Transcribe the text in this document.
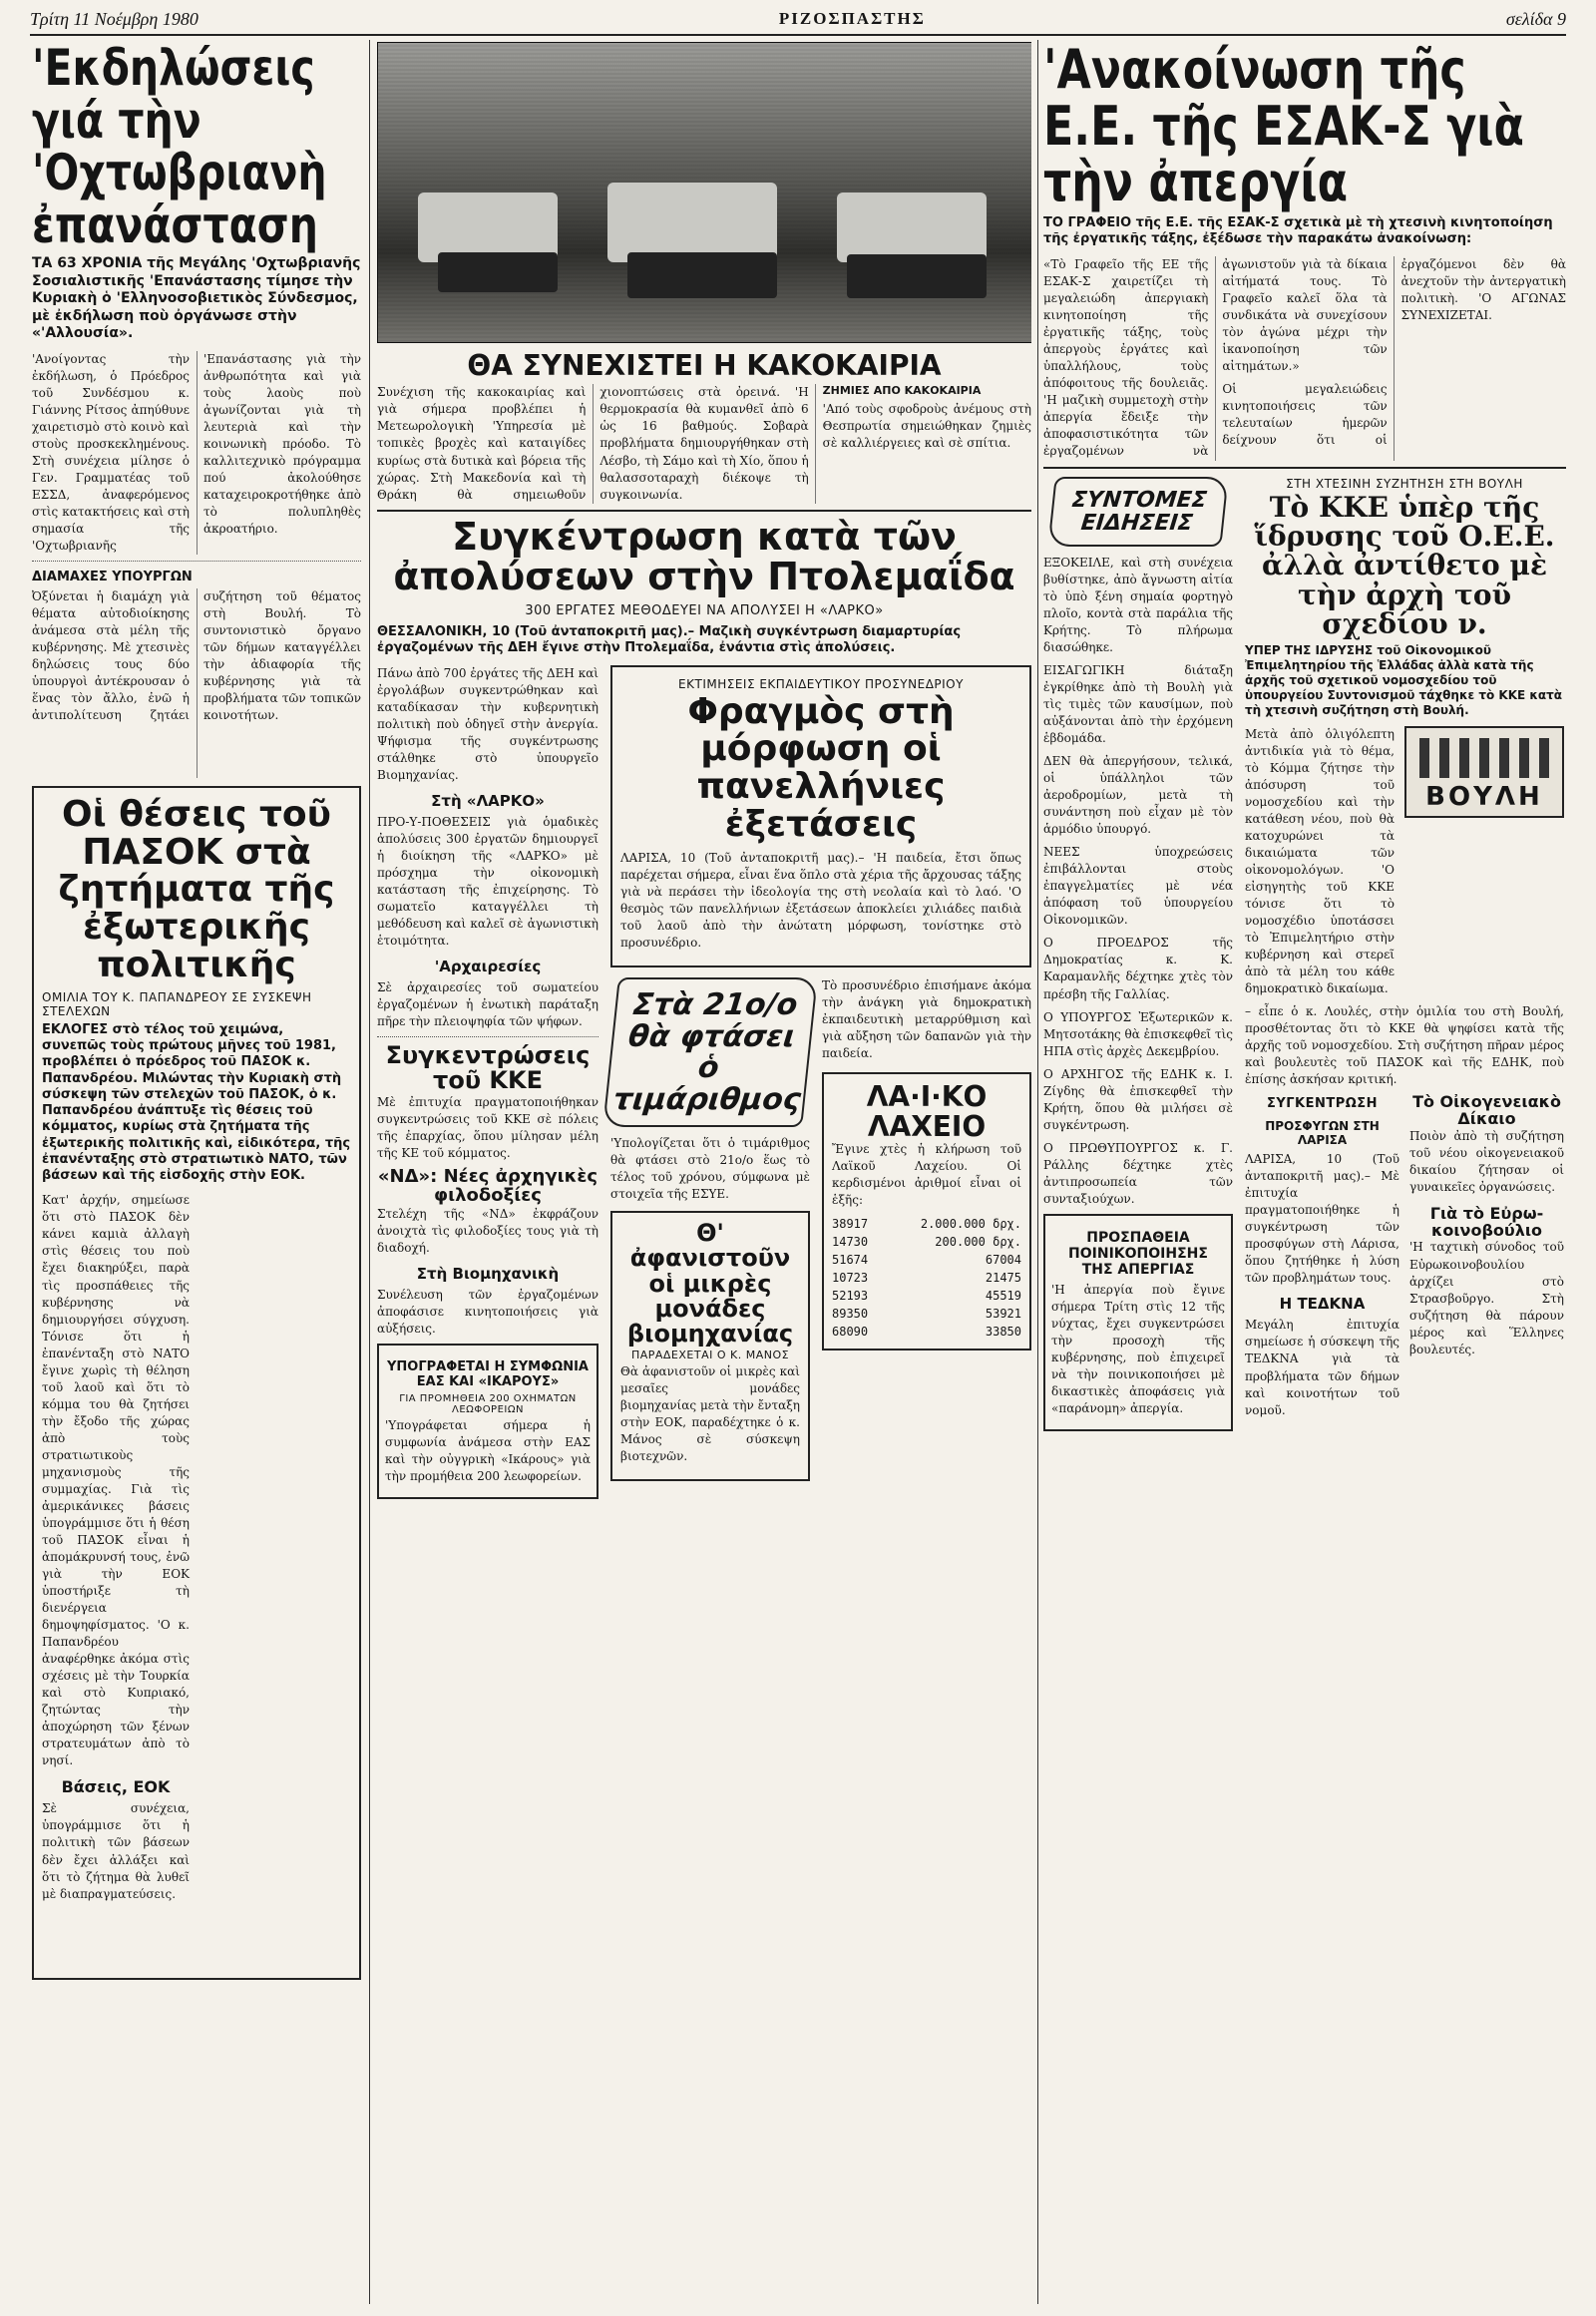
Τρίτη 11 Νοέμβρη 1980	ΡΙΖΟΣΠΑΣΤΗΣ	σελίδα 9
'Εκδηλώσεις γιά τὴν 'Οχτωβριανὴ ἐπανάσταση

ΤΑ 63 ΧΡΟΝΙΑ τῆς Μεγάλης 'Οχτωβριανῆς Σοσιαλιστικῆς 'Επανάστασης τίμησε τὴν Κυριακὴ ὁ 'Ελληνοσοβιετικὸς Σύνδεσμος, μὲ ἐκδήλωση ποὺ ὀργάνωσε στὴν «'Αλλουσία».

'Ανοίγοντας τὴν ἐκδήλωση, ὁ Πρόεδρος τοῦ Συνδέσμου κ. Γιάννης Ρίτσος ἀπηύθυνε χαιρετισμὸ στὸ κοινὸ καὶ στοὺς προσκεκλημένους. Στὴ συνέχεια μίλησε ὁ Γεν. Γραμματέας τοῦ ΕΣΣΔ, ἀναφερόμενος στὶς κατακτήσεις καὶ στὴ σημασία τῆς 'Οχτωβριανῆς 'Επανάστασης γιὰ τὴν ἀνθρωπότητα καὶ γιὰ τοὺς λαοὺς ποὺ ἀγωνίζονται γιὰ τὴ λευτεριὰ καὶ τὴν κοινωνικὴ πρόοδο. Τὸ καλλιτεχνικὸ πρόγραμμα πού ἀκολούθησε καταχειροκροτήθηκε ἀπὸ τὸ πολυπληθὲς ἀκροατήριο.

ΔΙΑΜΑΧΕΣ ΥΠΟΥΡΓΩΝ

Ὀξύνεται ἡ διαμάχη γιὰ θέματα αὐτοδιοίκησης ἀνάμεσα στὰ μέλη τῆς κυβέρνησης. Μὲ χτεσινὲς δηλώσεις τους δύο ὑπουργοὶ ἀντέκρουσαν ὁ ἕνας τὸν ἄλλο, ἐνῶ ἡ ἀντιπολίτευση ζητάει συζήτηση τοῦ θέματος στὴ Βουλή. Τὸ συντονιστικὸ ὄργανο τῶν δήμων καταγγέλλει τὴν ἀδιαφορία τῆς κυβέρνησης γιὰ τὰ προβλήματα τῶν τοπικῶν κοινοτήτων.

Οἱ θέσεις τοῦ ΠΑΣΟΚ στὰ ζητήματα τῆς ἐξωτερικῆς πολιτικῆς
ΟΜΙΛΙΑ ΤΟΥ Κ. ΠΑΠΑΝΔΡΕΟΥ ΣΕ ΣΥΣΚΕΨΗ ΣΤΕΛΕΧΩΝ

ΕΚΛΟΓΕΣ στὸ τέλος τοῦ χειμώνα, συνεπῶς τοὺς πρώτους μῆνες τοῦ 1981, προβλέπει ὁ πρόεδρος τοῦ ΠΑΣΟΚ κ. Παπανδρέου. Μιλώντας τὴν Κυριακὴ στὴ σύσκεψη τῶν στελεχῶν τοῦ ΠΑΣΟΚ, ὁ κ. Παπανδρέου ἀνάπτυξε τὶς θέσεις τοῦ κόμματος, κυρίως στὰ ζητήματα τῆς ἐξωτερικῆς πολιτικῆς καὶ, εἰδικότερα, τῆς ἐπανένταξης στὸ στρατιωτικὸ ΝΑΤΟ, τῶν βάσεων καὶ τῆς εἰσδοχῆς στὴν ΕΟΚ.

Κατ' ἀρχήν, σημείωσε ὅτι στὸ ΠΑΣΟΚ δὲν κάνει καμιὰ ἀλλαγὴ στὶς θέσεις του ποὺ ἔχει διακηρύξει, παρὰ τὶς προσπάθειες τῆς κυβέρνησης νὰ δημιουργήσει σύγχυση. Τόνισε ὅτι ἡ ἐπανένταξη στὸ ΝΑΤΟ ἔγινε χωρὶς τὴ θέληση τοῦ λαοῦ καὶ ὅτι τὸ κόμμα του θὰ ζητήσει τὴν ἔξοδο τῆς χώρας ἀπὸ τοὺς στρατιωτικοὺς μηχανισμοὺς τῆς συμμαχίας. Γιὰ τὶς ἀμερικάνικες βάσεις ὑπογράμμισε ὅτι ἡ θέση τοῦ ΠΑΣΟΚ εἶναι ἡ ἀπομάκρυνσή τους, ἐνῶ γιὰ τὴν ΕΟΚ ὑποστήριξε τὴ διενέργεια δημοψηφίσματος. 'Ο κ. Παπανδρέου ἀναφέρθηκε ἀκόμα στὶς σχέσεις μὲ τὴν Τουρκία καὶ στὸ Κυπριακό, ζητώντας τὴν ἀποχώρηση τῶν ξένων στρατευμάτων ἀπὸ τὸ νησί.

Βάσεις, ΕΟΚ

Σὲ συνέχεια, ὑπογράμμισε ὅτι ἡ πολιτικὴ τῶν βάσεων δὲν ἔχει ἀλλάξει καὶ ὅτι τὸ ζήτημα θὰ λυθεῖ μὲ διαπραγματεύσεις.

ΘΑ ΣΥΝΕΧΙΣΤΕΙ Η ΚΑΚΟΚΑΙΡΙΑ

Συνέχιση τῆς κακοκαιρίας καὶ γιὰ σήμερα προβλέπει ἡ Μετεωρολογικὴ 'Υπηρεσία μὲ τοπικὲς βροχὲς καὶ καταιγίδες κυρίως στὰ δυτικὰ καὶ βόρεια τῆς χώρας. Στὴ Μακεδονία καὶ τὴ Θράκη θὰ σημειωθοῦν χιονοπτώσεις στὰ ὀρεινά. 'Η θερμοκρασία θὰ κυμανθεῖ ἀπὸ 6 ὡς 16 βαθμούς. Σοβαρὰ προβλήματα δημιουργήθηκαν στὴ Λέσβο, τὴ Σάμο καὶ τὴ Χίο, ὅπου ἡ θαλασσοταραχὴ διέκοψε τὴ συγκοινωνία.

ΖΗΜΙΕΣ ΑΠΟ ΚΑΚΟΚΑΙΡΙΑ

'Από τοὺς σφοδροὺς ἀνέμους στὴ Θεσπρωτία σημειώθηκαν ζημιὲς σὲ καλλιέργειες καὶ σὲ σπίτια.

Συγκέντρωση κατὰ τῶν ἀπολύσεων στὴν Πτολεμαΐδα
300 ΕΡΓΑΤΕΣ ΜΕΘΟΔΕΥΕΙ ΝΑ ΑΠΟΛΥΣΕΙ Η «ΛΑΡΚΟ»

ΘΕΣΣΑΛΟΝΙΚΗ, 10 (Τοῦ ἀνταποκριτῆ μας).– Μαζικὴ συγκέντρωση διαμαρτυρίας ἐργαζομένων τῆς ΔΕΗ ἔγινε στὴν Πτολεμαΐδα, ἐνάντια στὶς ἀπολύσεις.

Πάνω ἀπὸ 700 ἐργάτες τῆς ΔΕΗ καὶ ἐργολάβων συγκεντρώθηκαν καὶ καταδίκασαν τὴν κυβερνητικὴ πολιτικὴ ποὺ ὁδηγεῖ στὴν ἀνεργία. Ψήφισμα τῆς συγκέντρωσης στάλθηκε στὸ ὑπουργεῖο Βιομηχανίας.

Στὴ «ΛΑΡΚΟ»

ΠΡΟ-Υ-ΠΟΘΕΣΕΙΣ γιὰ ὁμαδικὲς ἀπολύσεις 300 ἐργατῶν δημιουργεῖ ἡ διοίκηση τῆς «ΛΑΡΚΟ» μὲ πρόσχημα τὴν οἰκονομικὴ κατάσταση τῆς ἐπιχείρησης. Τὸ σωματεῖο καταγγέλλει τὴ μεθόδευση καὶ καλεῖ σὲ ἀγωνιστικὴ ἑτοιμότητα.

'Αρχαιρεσίες

Σὲ ἀρχαιρεσίες τοῦ σωματείου ἐργαζομένων ἡ ἐνωτικὴ παράταξη πῆρε τὴν πλειοψηφία τῶν ψήφων.

Συγκεντρώσεις τοῦ ΚΚΕ

Μὲ ἐπιτυχία πραγματοποιήθηκαν συγκεντρώσεις τοῦ ΚΚΕ σὲ πόλεις τῆς ἐπαρχίας, ὅπου μίλησαν μέλη τῆς ΚΕ τοῦ κόμματος.

«ΝΔ»: Νέες ἀρχηγικὲς φιλοδοξίες

Στελέχη τῆς «ΝΔ» ἐκφράζουν ἀνοιχτὰ τὶς φιλοδοξίες τους γιὰ τὴ διαδοχή.

Στὴ Βιομηχανικὴ

Συνέλευση τῶν ἐργαζομένων ἀποφάσισε κινητοποιήσεις γιὰ αὐξήσεις.

ΥΠΟΓΡΑΦΕΤΑΙ Η ΣΥΜΦΩΝΙΑ ΕΑΣ ΚΑΙ «ΙΚΑΡΟΥΣ»
ΓΙΑ ΠΡΟΜΗΘΕΙΑ 200 ΟΧΗΜΑΤΩΝ ΛΕΩΦΟΡΕΙΩΝ

'Υπογράφεται σήμερα ἡ συμφωνία ἀνάμεσα στὴν ΕΑΣ καὶ τὴν οὐγγρικὴ «Ικάρους» γιὰ τὴν προμήθεια 200 λεωφορείων.

ΕΚΤΙΜΗΣΕΙΣ ΕΚΠΑΙΔΕΥΤΙΚΟΥ ΠΡΟΣΥΝΕΔΡΙΟΥ
Φραγμὸς στὴ μόρφωση οἱ πανελλήνιες ἐξετάσεις

ΛΑΡΙΣΑ, 10 (Τοῦ ἀνταποκριτῆ μας).– 'Η παιδεία, ἔτσι ὅπως παρέχεται σήμερα, εἶναι ἕνα ὅπλο στὰ χέρια τῆς ἄρχουσας τάξης γιὰ νὰ περάσει τὴν ἰδεολογία της στὴ νεολαία καὶ τὸ λαό. 'Ο θεσμὸς τῶν πανελλήνιων ἐξετάσεων ἀποκλείει χιλιάδες παιδιὰ τοῦ λαοῦ ἀπὸ τὴν ἀνώτατη μόρφωση, τονίστηκε στὸ προσυνέδριο.

Στὰ 21ο/ο θὰ φτάσει ὁ τιμάριθμος

'Υπολογίζεται ὅτι ὁ τιμάριθμος θὰ φτάσει στὸ 21ο/ο ἕως τὸ τέλος τοῦ χρόνου, σύμφωνα μὲ στοιχεῖα τῆς ΕΣΥΕ.

Θ' ἀφανιστοῦν οἱ μικρὲς μονάδες βιομηχανίας
ΠΑΡΑΔΕΧΕΤΑΙ Ο Κ. ΜΑΝΟΣ

Θὰ ἀφανιστοῦν οἱ μικρὲς καὶ μεσαῖες μονάδες βιομηχανίας μετὰ τὴν ἔνταξη στὴν ΕΟΚ, παραδέχτηκε ὁ κ. Μάνος σὲ σύσκεψη βιοτεχνῶν.

Τὸ προσυνέδριο ἐπισήμανε ἀκόμα τὴν ἀνάγκη γιὰ δημοκρατικὴ ἐκπαιδευτικὴ μεταρρύθμιση καὶ γιὰ αὔξηση τῶν δαπανῶν γιὰ τὴν παιδεία.

ΛΑ·Ι·ΚΟ ΛΑΧΕΙΟ

Ἔγινε χτὲς ἡ κλήρωση τοῦ Λαϊκοῦ Λαχείου. Οἱ κερδισμένοι ἀριθμοί εἶναι οἱ ἑξῆς:

38917	2.000.000 δρχ.
14730	200.000 δρχ.
51674	67004
10723	21475
52193	45519
89350	53921
68090	33850
'Ανακοίνωση τῆς Ε.Ε. τῆς ΕΣΑΚ-Σ γιὰ τὴν ἀπεργία

ΤΟ ΓΡΑΦΕΙΟ τῆς Ε.Ε. τῆς ΕΣΑΚ-Σ σχετικὰ μὲ τὴ χτεσινὴ κινητοποίηση τῆς ἐργατικῆς τάξης, ἐξέδωσε τὴν παρακάτω ἀνακοίνωση:

«Τὸ Γραφεῖο τῆς ΕΕ τῆς ΕΣΑΚ-Σ χαιρετίζει τὴ μεγαλειώδη ἀπεργιακὴ κινητοποίηση τῆς ἐργατικῆς τάξης, τοὺς ἀπεργοὺς ἐργάτες καὶ ὑπαλλήλους, τοὺς ἀπόφοιτους τῆς δουλειᾶς. 'Η μαζικὴ συμμετοχὴ στὴν ἀπεργία ἔδειξε τὴν ἀποφασιστικότητα τῶν ἐργαζομένων νὰ ἀγωνιστοῦν γιὰ τὰ δίκαια αἰτήματά τους. Τὸ Γραφεῖο καλεῖ ὅλα τὰ συνδικάτα νὰ συνεχίσουν τὸν ἀγώνα μέχρι τὴν ἱκανοποίηση τῶν αἰτημάτων.»

Οἱ μεγαλειώδεις κινητοποιήσεις τῶν τελευταίων ἡμερῶν δείχνουν ὅτι οἱ ἐργαζόμενοι δὲν θὰ ἀνεχτοῦν τὴν ἀντεργατικὴ πολιτικὴ. 'Ο ΑΓΩΝΑΣ ΣΥΝΕΧΙΖΕΤΑΙ.

ΣΥΝΤΟΜΕΣ ΕΙΔΗΣΕΙΣ

ΕΞΟΚΕΙΛΕ, καὶ στὴ συνέχεια βυθίστηκε, ἀπὸ ἄγνωστη αἰτία τὸ ὑπὸ ξένη σημαία φορτηγὸ πλοῖο, κοντὰ στὰ παράλια τῆς Κρήτης. Τὸ πλήρωμα διασώθηκε.

ΕΙΣΑΓΩΓΙΚΗ διάταξη ἐγκρίθηκε ἀπὸ τὴ Βουλὴ γιὰ τὶς τιμὲς τῶν καυσίμων, ποὺ αὐξάνονται ἀπὸ τὴν ἐρχόμενη ἑβδομάδα.

ΔΕΝ θὰ ἀπεργήσουν, τελικά, οἱ ὑπάλληλοι τῶν ἀεροδρομίων, μετὰ τὴ συνάντηση ποὺ εἶχαν μὲ τὸν ἁρμόδιο ὑπουργό.

ΝΕΕΣ ὑποχρεώσεις ἐπιβάλλονται στοὺς ἐπαγγελματίες μὲ νέα ἀπόφαση τοῦ ὑπουργείου Οἰκονομικῶν.

Ο ΠΡΟΕΔΡΟΣ τῆς Δημοκρατίας κ. Κ. Καραμανλῆς δέχτηκε χτὲς τὸν πρέσβη τῆς Γαλλίας.

Ο ΥΠΟΥΡΓΟΣ Ἐξωτερικῶν κ. Μητσοτάκης θὰ ἐπισκεφθεῖ τὶς ΗΠΑ στὶς ἀρχὲς Δεκεμβρίου.

Ο ΑΡΧΗΓΟΣ τῆς ΕΔΗΚ κ. Ι. Ζίγδης θὰ ἐπισκεφθεῖ τὴν Κρήτη, ὅπου θὰ μιλήσει σὲ συγκέντρωση.

Ο ΠΡΩΘΥΠΟΥΡΓΟΣ κ. Γ. Ράλλης δέχτηκε χτὲς ἀντιπροσωπεία τῶν συνταξιούχων.

ΠΡΟΣΠΑΘΕΙΑ ΠΟΙΝΙΚΟΠΟΙΗΣΗΣ ΤΗΣ ΑΠΕΡΓΙΑΣ

'Η ἀπεργία ποὺ ἔγινε σήμερα Τρίτη στὶς 12 τῆς νύχτας, ἔχει συγκεντρώσει τὴν προσοχὴ τῆς κυβέρνησης, ποὺ ἐπιχειρεῖ νὰ τὴν ποινικοποιήσει μὲ δικαστικὲς ἀποφάσεις γιὰ «παράνομη» ἀπεργία.

ΣΤΗ ΧΤΕΣΙΝΗ ΣΥΖΗΤΗΣΗ ΣΤΗ ΒΟΥΛΗ
Τὸ ΚΚΕ ὑπὲρ τῆς ἵδρυσης τοῦ Ο.Ε.Ε. ἀλλὰ ἀντίθετο μὲ τὴν ἀρχὴ τοῦ σχεδίου ν.

ΥΠΕΡ ΤΗΣ ΙΔΡΥΣΗΣ τοῦ Οἰκονομικοῦ Ἐπιμελητηρίου τῆς Ἑλλάδας ἀλλὰ κατὰ τῆς ἀρχῆς τοῦ σχετικοῦ νομοσχεδίου τοῦ ὑπουργείου Συντονισμοῦ τάχθηκε τὸ ΚΚΕ κατὰ τὴ χτεσινὴ συζήτηση στὴ Βουλή.

Μετὰ ἀπὸ ὁλιγόλεπτη ἀντιδικία γιὰ τὸ θέμα, τὸ Κόμμα ζήτησε τὴν ἀπόσυρση τοῦ νομοσχεδίου καὶ τὴν κατάθεση νέου, ποὺ θὰ κατοχυρώνει τὰ δικαιώματα τῶν οἰκονομολόγων. 'Ο εἰσηγητὴς τοῦ ΚΚΕ τόνισε ὅτι τὸ νομοσχέδιο ὑποτάσσει τὸ Ἐπιμελητήριο στὴν κυβέρνηση καὶ στερεῖ ἀπὸ τὰ μέλη του κάθε δημοκρατικὸ δικαίωμα.

ΒΟΥΛΗ

– εἶπε ὁ κ. Λουλές, στὴν ὁμιλία του στὴ Βουλή, προσθέτοντας ὅτι τὸ ΚΚΕ θὰ ψηφίσει κατὰ τῆς ἀρχῆς τοῦ νομοσχεδίου. Στὴ συζήτηση πῆραν μέρος καὶ βουλευτὲς τοῦ ΠΑΣΟΚ καὶ τῆς ΕΔΗΚ, ποὺ ἐπίσης ἀσκήσαν κριτική.

ΣΥΓΚΕΝΤΡΩΣΗ
ΠΡΟΣΦΥΓΩΝ ΣΤΗ ΛΑΡΙΣΑ

ΛΑΡΙΣΑ, 10 (Τοῦ ἀνταποκριτῆ μας).– Μὲ ἐπιτυχία πραγματοποιήθηκε ἡ συγκέντρωση τῶν προσφύγων στὴ Λάρισα, ὅπου ζητήθηκε ἡ λύση τῶν προβλημάτων τους.

Η ΤΕΔΚΝΑ

Μεγάλη ἐπιτυχία σημείωσε ἡ σύσκεψη τῆς ΤΕΔΚΝΑ γιὰ τὰ προβλήματα τῶν δήμων καὶ κοινοτήτων τοῦ νομοῦ.

Τὸ Οἰκογενειακὸ Δίκαιο

Ποιὸν ἀπὸ τὴ συζήτηση τοῦ νέου οἰκογενειακοῦ δικαίου ζήτησαν οἱ γυναικεῖες ὀργανώσεις.

Γιὰ τὸ Εὐρω-κοινοβούλιο

'Η ταχτικὴ σύνοδος τοῦ Εὐρωκοινοβουλίου ἀρχίζει στὸ Στρασβοῦργο. Στὴ συζήτηση θὰ πάρουν μέρος καὶ Ἕλληνες βουλευτές.
